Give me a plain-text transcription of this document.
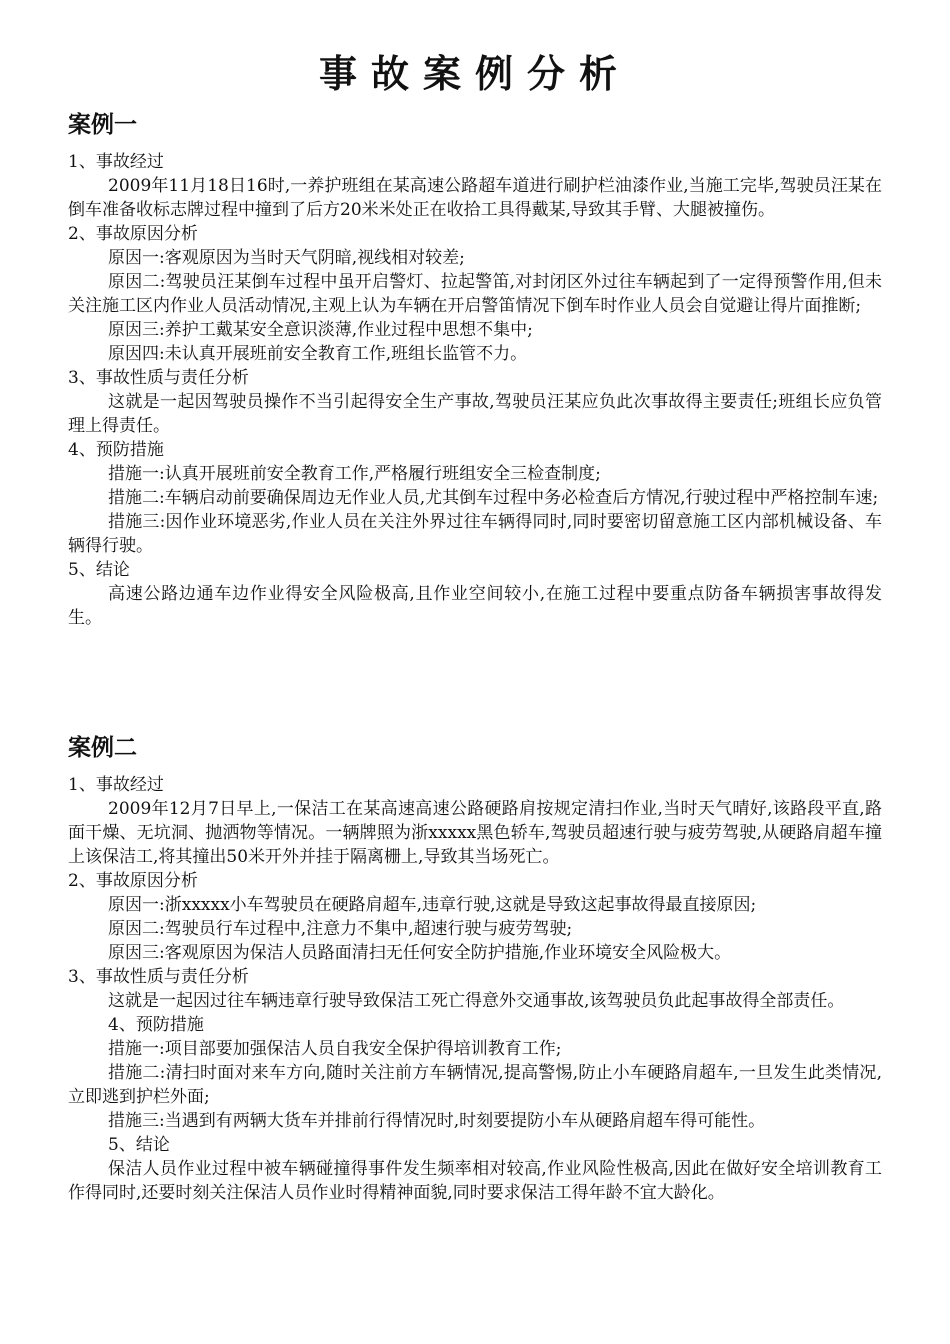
事故案例分析
案例一

1、事故经过

2009年11月18日16时,一养护班组在某高速公路超车道进行刷护栏油漆作业,当施工完毕,驾驶员汪某在倒车准备收标志牌过程中撞到了后方20米米处正在收拾工具得戴某,导致其手臂、大腿被撞伤。

2、事故原因分析

原因一:客观原因为当时天气阴暗,视线相对较差;

原因二:驾驶员汪某倒车过程中虽开启警灯、拉起警笛,对封闭区外过往车辆起到了一定得预警作用,但未关注施工区内作业人员活动情况,主观上认为车辆在开启警笛情况下倒车时作业人员会自觉避让得片面推断;

原因三:养护工戴某安全意识淡薄,作业过程中思想不集中;

原因四:未认真开展班前安全教育工作,班组长监管不力。

3、事故性质与责任分析

这就是一起因驾驶员操作不当引起得安全生产事故,驾驶员汪某应负此次事故得主要责任;班组长应负管理上得责任。

4、预防措施

措施一:认真开展班前安全教育工作,严格履行班组安全三检查制度;

措施二:车辆启动前要确保周边无作业人员,尤其倒车过程中务必检查后方情况,行驶过程中严格控制车速;

措施三:因作业环境恶劣,作业人员在关注外界过往车辆得同时,同时要密切留意施工区内部机械设备、车辆得行驶。

5、结论

高速公路边通车边作业得安全风险极高,且作业空间较小,在施工过程中要重点防备车辆损害事故得发生。

案例二

1、事故经过

2009年12月7日早上,一保洁工在某高速高速公路硬路肩按规定清扫作业,当时天气晴好,该路段平直,路面干燥、无坑洞、抛洒物等情况。一辆牌照为浙xxxxx黑色轿车,驾驶员超速行驶与疲劳驾驶,从硬路肩超车撞上该保洁工,将其撞出50米开外并挂于隔离栅上,导致其当场死亡。

2、事故原因分析

原因一:浙xxxxx小车驾驶员在硬路肩超车,违章行驶,这就是导致这起事故得最直接原因;

原因二:驾驶员行车过程中,注意力不集中,超速行驶与疲劳驾驶;

原因三:客观原因为保洁人员路面清扫无任何安全防护措施,作业环境安全风险极大。

3、事故性质与责任分析

这就是一起因过往车辆违章行驶导致保洁工死亡得意外交通事故,该驾驶员负此起事故得全部责任。

4、预防措施

措施一:项目部要加强保洁人员自我安全保护得培训教育工作;

措施二:清扫时面对来车方向,随时关注前方车辆情况,提高警惕,防止小车硬路肩超车,一旦发生此类情况,立即逃到护栏外面;

措施三:当遇到有两辆大货车并排前行得情况时,时刻要提防小车从硬路肩超车得可能性。

5、结论

保洁人员作业过程中被车辆碰撞得事件发生频率相对较高,作业风险性极高,因此在做好安全培训教育工作得同时,还要时刻关注保洁人员作业时得精神面貌,同时要求保洁工得年龄不宜大龄化。
